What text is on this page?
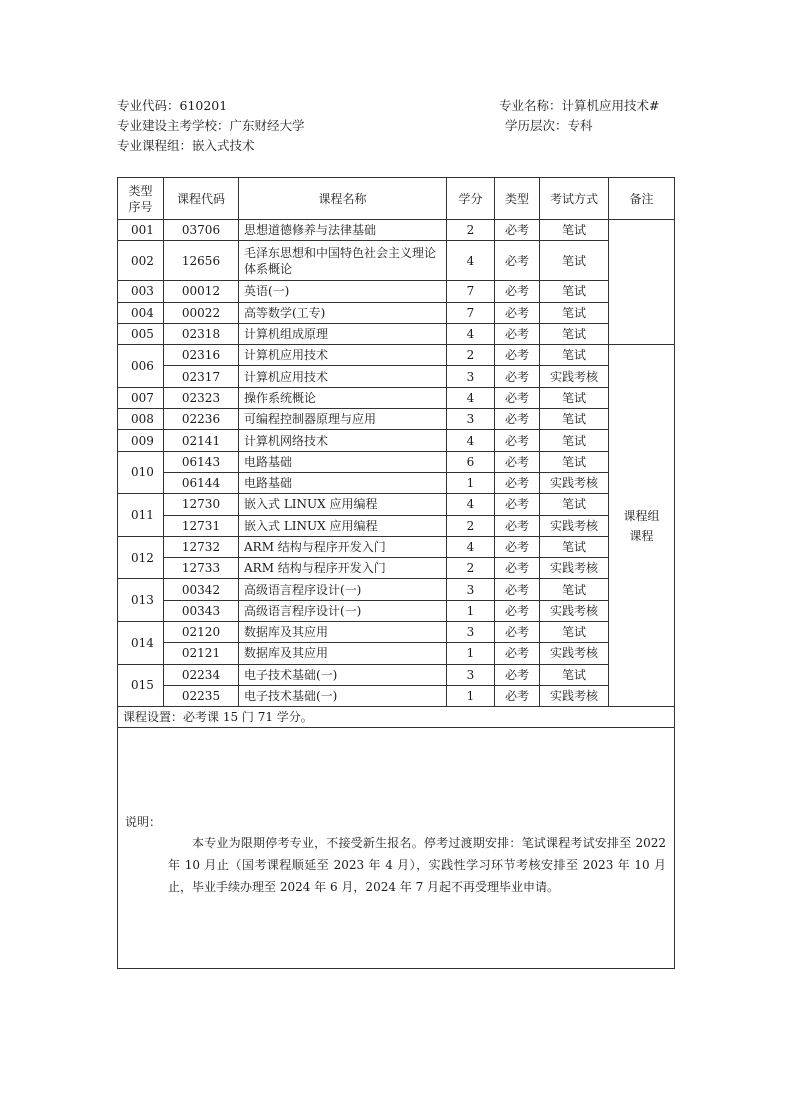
专业代码：610201	专业名称：计算机应用技术#
专业建设主考学校：广东财经大学	学历层次：专科
专业课程组：嵌入式技术
类型序号	课程代码	课程名称	学分	类型	考试方式	备注
001	03706	思想道德修养与法律基础	2	必考	笔试	
002	12656	毛泽东思想和中国特色社会主义理论体系概论	4	必考	笔试	
003	00012	英语(一)	7	必考	笔试	
004	00022	高等数学(工专)	7	必考	笔试	
005	02318	计算机组成原理	4	必考	笔试	
006	02316	计算机应用技术	2	必考	笔试	课程组课程
	02317	计算机应用技术	3	必考	实践考核	
007	02323	操作系统概论	4	必考	笔试	
008	02236	可编程控制器原理与应用	3	必考	笔试	
009	02141	计算机网络技术	4	必考	笔试	
010	06143	电路基础	6	必考	笔试	
	06144	电路基础	1	必考	实践考核	
011	12730	嵌入式 LINUX 应用编程	4	必考	笔试	
	12731	嵌入式 LINUX 应用编程	2	必考	实践考核	
012	12732	ARM 结构与程序开发入门	4	必考	笔试	
	12733	ARM 结构与程序开发入门	2	必考	实践考核	
013	00342	高级语言程序设计(一)	3	必考	笔试	
	00343	高级语言程序设计(一)	1	必考	实践考核	
014	02120	数据库及其应用	3	必考	笔试	
	02121	数据库及其应用	1	必考	实践考核	
015	02234	电子技术基础(一)	3	必考	笔试	
	02235	电子技术基础(一)	1	必考	实践考核	
课程设置：必考课 15 门 71 学分。						

说明：

本专业为限期停考专业，不接受新生报名。停考过渡期安排：笔试课程考试安排至 2022 年 10 月止（国考课程顺延至 2023 年 4 月），实践性学习环节考核安排至 2023 年 10 月止，毕业手续办理至 2024 年 6 月，2024 年 7 月起不再受理毕业申请。						
